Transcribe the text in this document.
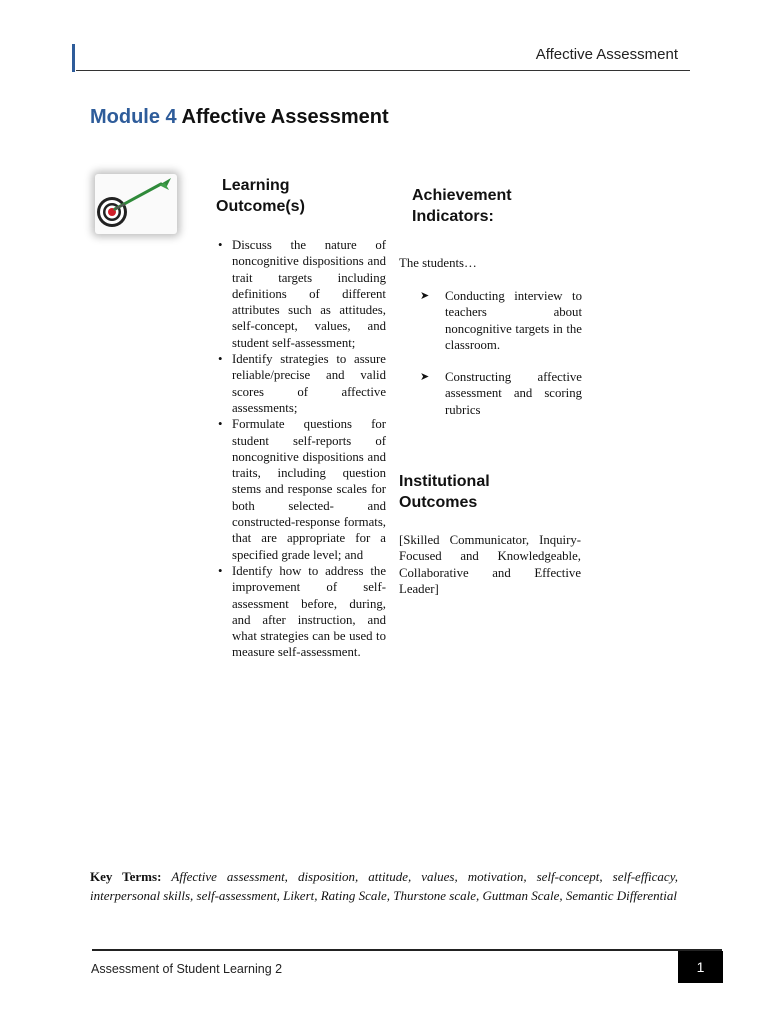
Affective Assessment
Module 4 Affective Assessment
Learning
Outcome(s)
• Discuss the nature of noncognitive dispositions and trait targets including definitions of different attributes such as attitudes, self-concept, values, and student self-assessment;
• Identify strategies to assure reliable/precise and valid scores of affective assessments;
• Formulate questions for student self-reports of noncognitive dispositions and traits, including question stems and response scales for both selected- and constructed-response formats, that are appropriate for a specified grade level; and
• Identify how to address the improvement of self-assessment before, during, and after instruction, and what strategies can be used to measure self-assessment.
Achievement
Indicators:
The students…
➤ Conducting interview to teachers about noncognitive targets in the classroom.
➤ Constructing affective assessment and scoring rubrics
Institutional
Outcomes
[Skilled Communicator, Inquiry-Focused and Knowledgeable, Collaborative and Effective Leader]
Key Terms: Affective assessment, disposition, attitude, values, motivation, self-concept, self-efficacy, interpersonal skills, self-assessment, Likert, Rating Scale, Thurstone scale, Guttman Scale, Semantic Differential
Assessment of Student Learning 2	1
